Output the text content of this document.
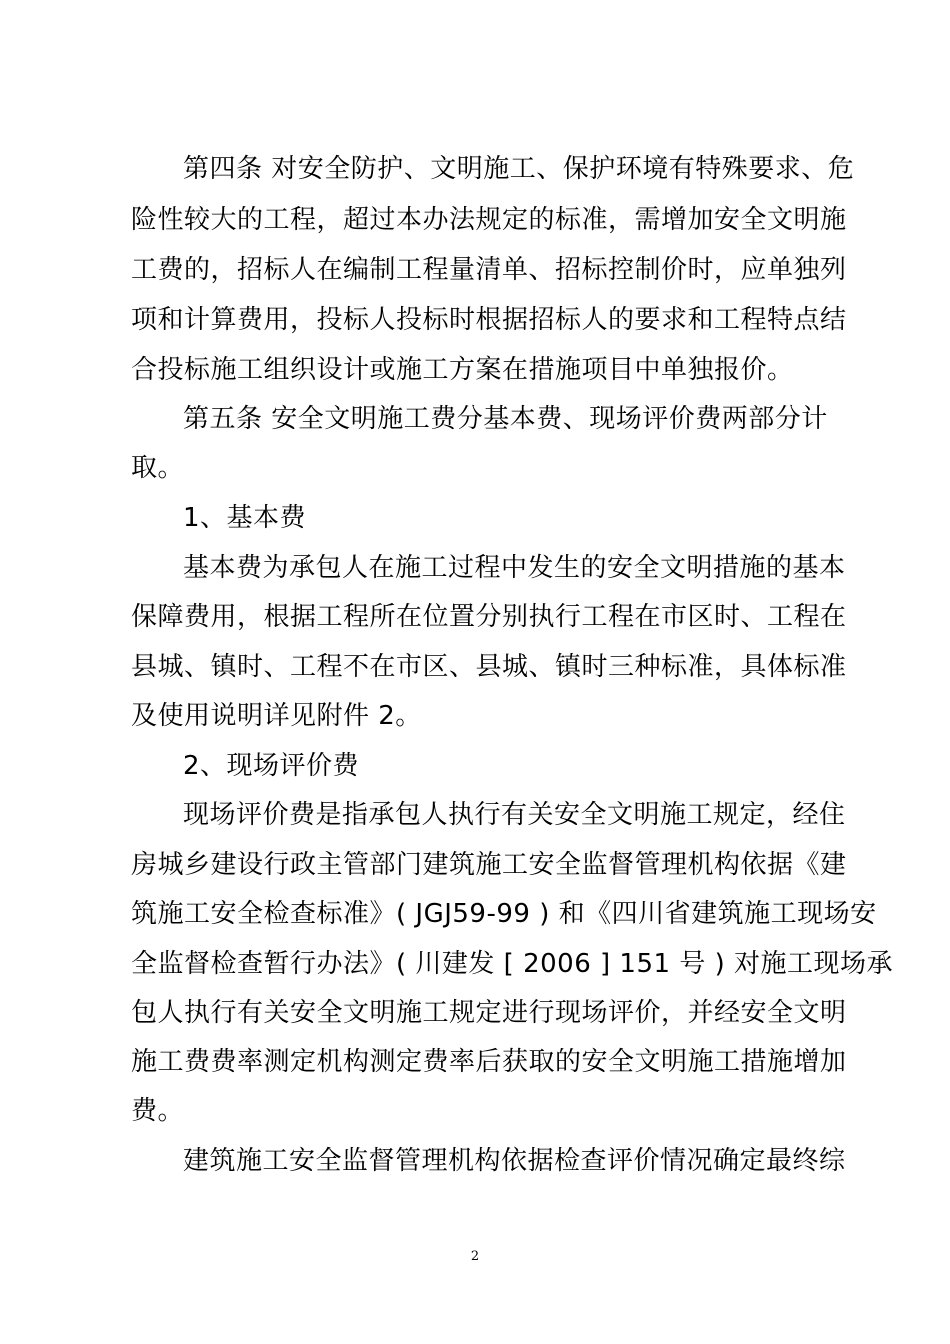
第四条 对安全防护、文明施工、保护环境有特殊要求、危
险性较大的工程，超过本办法规定的标准，需增加安全文明施
工费的，招标人在编制工程量清单、招标控制价时，应单独列
项和计算费用，投标人投标时根据招标人的要求和工程特点结
合投标施工组织设计或施工方案在措施项目中单独报价。
第五条 安全文明施工费分基本费、现场评价费两部分计
取。
1、基本费
基本费为承包人在施工过程中发生的安全文明措施的基本
保障费用，根据工程所在位置分别执行工程在市区时、工程在
县城、镇时、工程不在市区、县城、镇时三种标准，具体标准
及使用说明详见附件 2。
2、现场评价费
现场评价费是指承包人执行有关安全文明施工规定，经住
房城乡建设行政主管部门建筑施工安全监督管理机构依据《建
筑施工安全检查标准》( JGJ59-99 ) 和《四川省建筑施工现场安
全监督检查暂行办法》( 川建发 [ 2006 ] 151 号 ) 对施工现场承
包人执行有关安全文明施工规定进行现场评价，并经安全文明
施工费费率测定机构测定费率后获取的安全文明施工措施增加
费。
建筑施工安全监督管理机构依据检查评价情况确定最终综
2
